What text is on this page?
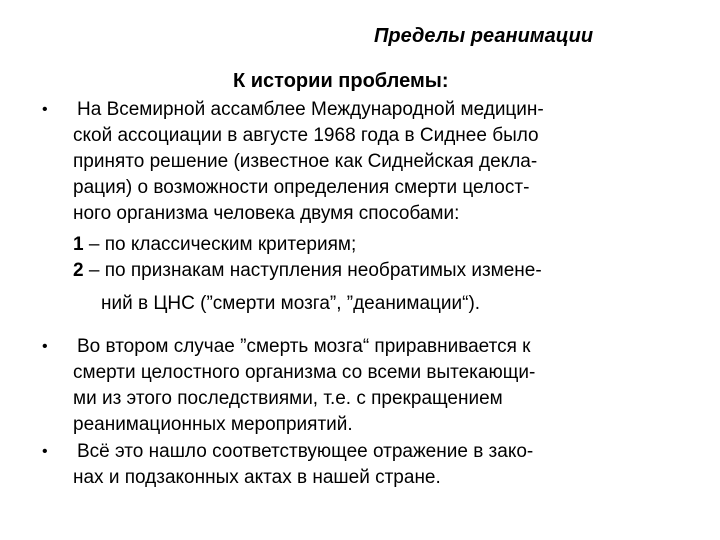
Пределы реанимации
К истории проблемы:
• На Всемирной ассамблее Международной медицин-
ской ассоциации в августе 1968 года в Сиднее было
принято решение (известное как Сиднейская декла-
рация) о возможности определения смерти целост-
ного организма человека двумя способами:
1 – по классическим критериям;
2 – по признакам наступления необратимых измене-
ний в ЦНС (”смерти мозга”, ”деанимации“).
• Во втором случае ”смерть мозга“ приравнивается к
смерти целостного организма со всеми вытекающи-
ми из этого последствиями, т.е. с прекращением
реанимационных мероприятий.
• Всё это нашло соответствующее отражение в зако-
нах и подзаконных актах в нашей стране.
